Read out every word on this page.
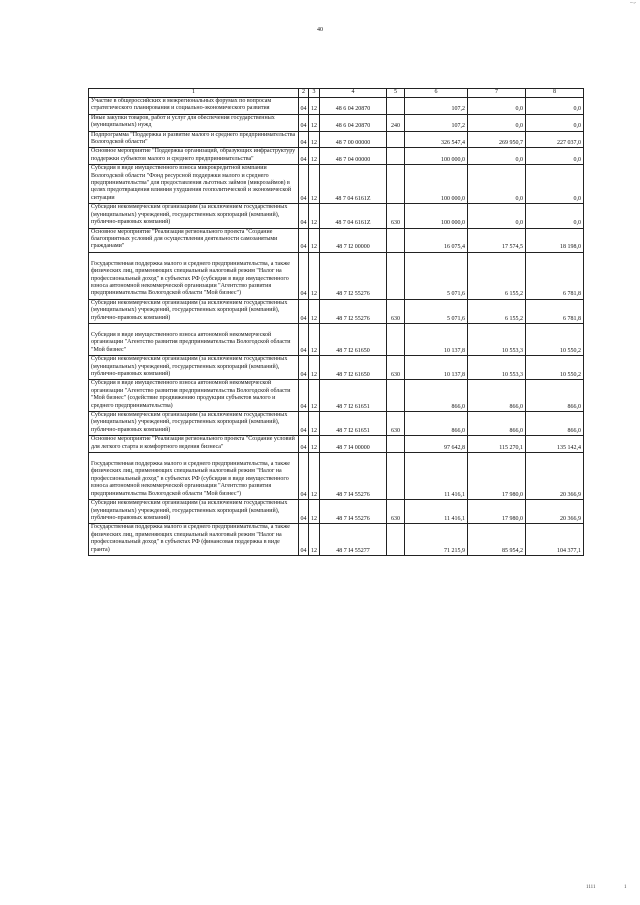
40
...,.
1111	1
1	2	3	4	5	6	7	8
Участие в общероссийских и межрегиональных форумах по вопросам стратегического планирования и социально-экономического развития	04	12	48 6 04 20870		107,2	0,0	0,0
Иные закупки товаров, работ и услуг для обеспечения государственных (муниципальных) нужд	04	12	48 6 04 20870	240	107,2	0,0	0,0
Подпрограмма "Поддержка и развитие малого и среднего предпринимательства Вологодской области"	04	12	48 7 00 00000		326 547,4	269 950,7	227 037,0
Основное мероприятие "Поддержка организаций, образующих инфраструктуру поддержки субъектов малого и среднего предпринимательства"	04	12	48 7 04 00000		100 000,0	0,0	0,0
Субсидия в виде имущественного взноса микрокредитной компании Вологодской области "Фонд ресурсной поддержки малого и среднего предпринимательства" для предоставления льготных займов (микрозаймов) в целях предотвращения влияния ухудшения геополитической и экономической ситуации	04	12	48 7 04 6161Z		100 000,0	0,0	0,0
Субсидии некоммерческим организациям (за исключением государственных (муниципальных) учреждений, государственных корпораций (компаний), публично-правовых компаний)	04	12	48 7 04 6161Z	630	100 000,0	0,0	0,0
Основное мероприятие "Реализация регионального проекта "Создание благоприятных условий для осуществления деятельности самозанятыми гражданами"	04	12	48 7 I2 00000		16 075,4	17 574,5	18 198,0
Государственная поддержка малого и среднего предпринимательства, а также физических лиц, применяющих специальный налоговый режим "Налог на профессиональный доход" в субъектах РФ (субсидия в виде имущественного взноса автономной некоммерческой организации "Агентство развития предпринимательства Вологодской области "Мой бизнес")	04	12	48 7 I2 55276		5 071,6	6 155,2	6 781,8
Субсидии некоммерческим организациям (за исключением государственных (муниципальных) учреждений, государственных корпораций (компаний), публично-правовых компаний)	04	12	48 7 I2 55276	630	5 071,6	6 155,2	6 781,8
Субсидия в виде имущественного взноса автономной некоммерческой организации "Агентство развития предпринимательства Вологодской области "Мой бизнес"	04	12	48 7 I2 61650		10 137,8	10 553,3	10 550,2
Субсидии некоммерческим организациям (за исключением государственных (муниципальных) учреждений, государственных корпораций (компаний), публично-правовых компаний)	04	12	48 7 I2 61650	630	10 137,8	10 553,3	10 550,2
Субсидия в виде имущественного взноса автономной некоммерческой организации "Агентство развития предпринимательства Вологодской области "Мой бизнес" (содействие продвижению продукции субъектов малого и среднего предпринимательства)	04	12	48 7 I2 61651		866,0	866,0	866,0
Субсидии некоммерческим организациям (за исключением государственных (муниципальных) учреждений, государственных корпораций (компаний), публично-правовых компаний)	04	12	48 7 I2 61651	630	866,0	866,0	866,0
Основное мероприятие "Реализация регионального проекта "Создание условий для легкого старта и комфортного ведения бизнеса"	04	12	48 7 I4 00000		97 642,8	115 270,1	135 142,4
Государственная поддержка малого и среднего предпринимательства, а также физических лиц, применяющих специальный налоговый режим "Налог на профессиональный доход" в субъектах РФ (субсидия в виде имущественного взноса автономной некоммерческой организации "Агентство развития предпринимательства Вологодской области "Мой бизнес")	04	12	48 7 I4 55276		11 416,1	17 980,0	20 366,9
Субсидии некоммерческим организациям (за исключением государственных (муниципальных) учреждений, государственных корпораций (компаний), публично-правовых компаний)	04	12	48 7 I4 55276	630	11 416,1	17 980,0	20 366,9
Государственная поддержка малого и среднего предпринимательства, а также физических лиц, применяющих специальный налоговый режим "Налог на профессиональный доход" в субъектах РФ (финансовая поддержка в виде гранта)	04	12	48 7 I4 55277		71 215,9	85 954,2	104 377,1
